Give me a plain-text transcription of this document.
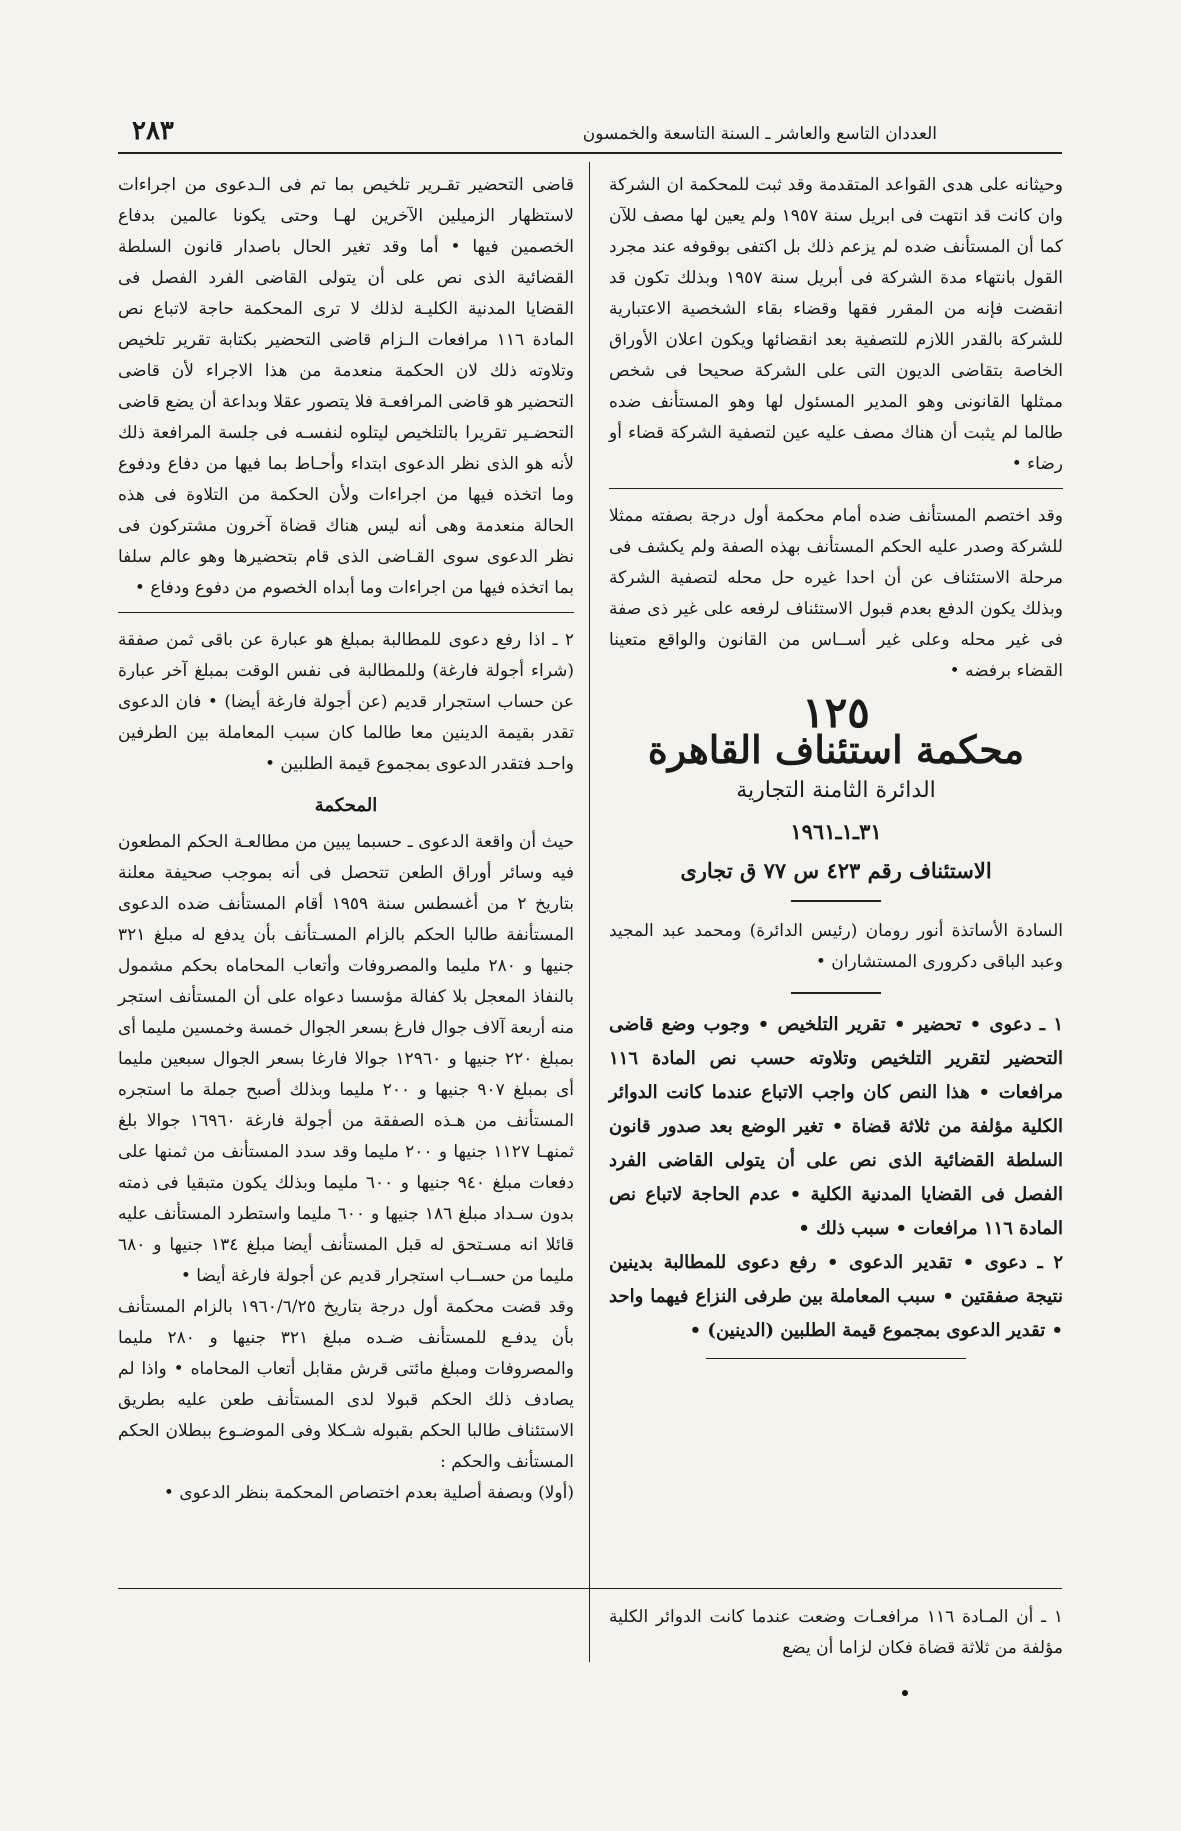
العددان التاسع والعاشر ـ السنة التاسعة والخمسون
٢٨٣

وحيثانه على هدى القواعد المتقدمة وقد ثبت للمحكمة ان الشركة وان كانت قد انتهت فى ابريل سنة ١٩٥٧ ولم يعين لها مصف للآن كما أن المستأنف ضده لم يزعم ذلك بل اكتفى بوقوفه عند مجرد القول بانتهاء مدة الشركة فى أبريل سنة ١٩٥٧ وبذلك تكون قد انقضت فإنه من المقرر فقها وقضاء بقاء الشخصية الاعتبارية للشركة بالقدر اللازم للتصفية بعد انقضائها ويكون اعلان الأوراق الخاصة بتقاضى الديون التى على الشركة صحيحا فى شخص ممثلها القانونى وهو المدير المسئول لها وهو المستأنف ضده طالما لم يثبت أن هناك مصف عليه عين لتصفية الشركة قضاء أو رضاء •

وقد اختصم المستأنف ضده أمام محكمة أول درجة بصفته ممثلا للشركة وصدر عليه الحكم المستأنف بهذه الصفة ولم يكشف فى مرحلة الاستئناف عن أن احدا غيره حل محله لتصفية الشركة وبذلك يكون الدفع بعدم قبول الاستئناف لرفعه على غير ذى صفة فى غير محله وعلى غير أســاس من القانون والواقع متعينا القضاء برفضه •

١٢٥
محكمة استئناف القاهرة
الدائرة الثامنة التجارية
٣١ـ١ـ١٩٦١
الاستئناف رقم ٤٢٣ س ٧٧ ق تجارى

السادة الأساتذة أنور رومان (رئيس الدائرة) ومحمد عبد المجيد وعبد الباقى دكرورى المستشاران •

١ ـ دعوى • تحضير • تقرير التلخيص • وجوب وضع قاضى التحضير لتقرير التلخيص وتلاوته حسب نص المادة ١١٦ مرافعات • هذا النص كان واجب الاتباع عندما كانت الدوائر الكلية مؤلفة من ثلاثة قضاة • تغير الوضع بعد صدور قانون السلطة القضائية الذى نص على أن يتولى القاضى الفرد الفصل فى القضايا المدنية الكلية • عدم الحاجة لاتباع نص المادة ١١٦ مرافعات • سبب ذلك •

٢ ـ دعوى • تقدير الدعوى • رفع دعوى للمطالبة بدينين نتيجة صفقتين • سبب المعاملة بين طرفى النزاع فيهما واحد • تقدير الدعوى بمجموع قيمة الطلبين (الدينين) •

١ ـ أن المـادة ١١٦ مرافعـات وضعت عندما كانت الدوائر الكلية مؤلفة من ثلاثة قضاة فكان لزاما أن يضع

قاضى التحضير تقـرير تلخيص بما تم فى الـدعوى من اجراءات لاستظهار الزميلين الآخرين لهـا وحتى يكونا عالمين بدفاع الخصمين فيها • أما وقد تغير الحال باصدار قانون السلطة القضائية الذى نص على أن يتولى القاضى الفرد الفصل فى القضايا المدنية الكليـة لذلك لا ترى المحكمة حاجة لاتباع نص المادة ١١٦ مرافعات الـزام قاضى التحضير بكتابة تقرير تلخيص وتلاوته ذلك لان الحكمة منعدمة من هذا الاجراء لأن قاضى التحضير هو قاضى المرافعـة فلا يتصور عقلا وبداعة أن يضع قاضى التحضـير تقريرا بالتلخيص ليتلوه لنفسـه فى جلسة المرافعة ذلك لأنه هو الذى نظر الدعوى ابتداء وأحـاط بما فيها من دفاع ودفوع وما اتخذه فيها من اجراءات ولأن الحكمة من التلاوة فى هذه الحالة منعدمة وهى أنه ليس هناك قضاة آخرون مشتركون فى نظر الدعوى سوى القـاضى الذى قام بتحضيرها وهو عالم سلفا بما اتخذه فيها من اجراءات وما أبداه الخصوم من دفوع ودفاع •

٢ ـ اذا رفع دعوى للمطالبة بمبلغ هو عبارة عن باقى ثمن صفقة (شراء أجولة فارغة) وللمطالبة فى نفس الوقت بمبلغ آخر عبارة عن حساب استجرار قديم (عن أجولة فارغة أيضا) • فان الدعوى تقدر بقيمة الدينين معا طالما كان سبب المعاملة بين الطرفين واحـد فتقدر الدعوى بمجموع قيمة الطلبين •

المحكمة

حيث أن واقعة الدعوى ـ حسبما يبين من مطالعـة الحكم المطعون فيه وسائر أوراق الطعن تتحصل فى أنه بموجب صحيفة معلنة بتاريخ ٢ من أغسطس سنة ١٩٥٩ أقام المستأنف ضده الدعوى المستأنفة طالبا الحكم بالزام المسـتأنف بأن يدفع له مبلغ ٣٢١ جنيها و ٢٨٠ مليما والمصروفات وأتعاب المحاماه بحكم مشمول بالنفاذ المعجل بلا كفالة مؤسسا دعواه على أن المستأنف استجر منه أربعة آلاف جوال فارغ بسعر الجوال خمسة وخمسين مليما أى بمبلغ ٢٢٠ جنيها و ١٢٩٦٠ جوالا فارغا بسعر الجوال سبعين مليما أى بمبلغ ٩٠٧ جنيها و ٢٠٠ مليما وبذلك أصبح جملة ما استجره المستأنف من هـذه الصفقة من أجولة فارغة ١٦٩٦٠ جوالا بلغ ثمنهـا ١١٢٧ جنيها و ٢٠٠ مليما وقد سدد المستأنف من ثمنها على دفعات مبلغ ٩٤٠ جنيها و ٦٠٠ مليما وبذلك يكون متبقيا فى ذمته بدون سـداد مبلغ ١٨٦ جنيها و ٦٠٠ مليما واستطرد المستأنف عليه قائلا انه مسـتحق له قبل المستأنف أيضا مبلغ ١٣٤ جنيها و ٦٨٠ مليما من حســاب استجرار قديم عن أجولة فارغة أيضا •

وقد قضت محكمة أول درجة بتاريخ ١٩٦٠/٦/٢٥ بالزام المستأنف بأن يدفـع للمستأنف ضـده مبلغ ٣٢١ جنيها و ٢٨٠ مليما والمصروفات ومبلغ مائتى قرش مقابل أتعاب المحاماه • واذا لم يصادف ذلك الحكم قبولا لدى المستأنف طعن عليه بطريق الاستئناف طالبا الحكم بقبوله شـكلا وفى الموضـوع ببطلان الحكم المستأنف والحكم :

(أولا) وبصفة أصلية بعدم اختصاص المحكمة بنظر الدعوى •
